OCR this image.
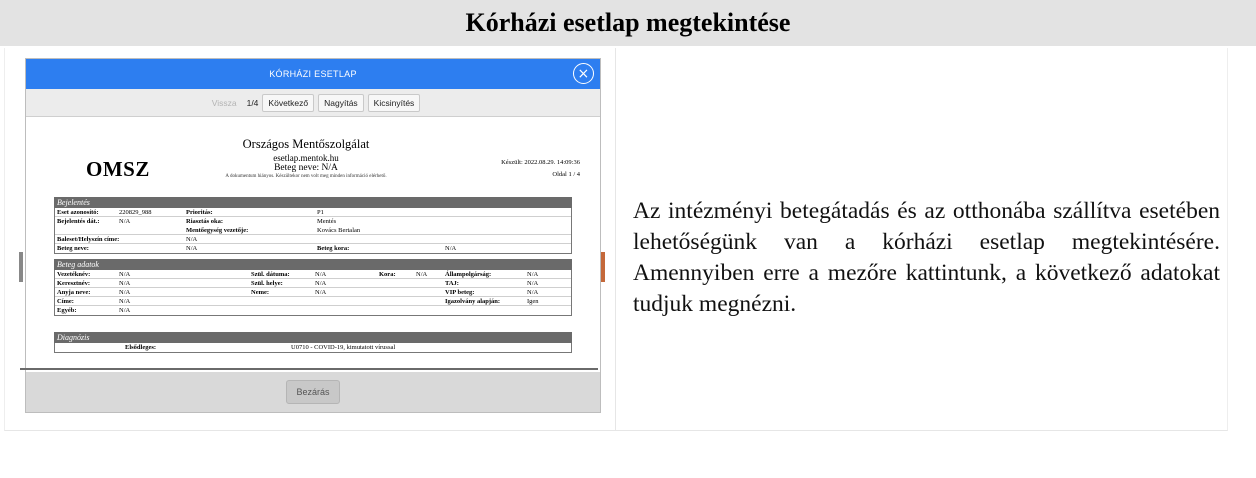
Kórházi esetlap megtekintése
KÓRHÁZI ESETLAP	×
Vissza	1/4	Következő	Nagyítás	Kicsinyítés
OMSZ
Országos Mentőszolgálat
esetlap.mentok.hu
Beteg neve: N/A
A dokumentum hiányos. Készültekor nem volt meg minden információ elérhető.
Készült: 2022.08.29. 14:09:36
Oldal 1 / 4
Bejelentés
Eset azonosító:	220829_988	Prioritás:	P1
Bejelentés dát.:	N/A	Riasztás oka:	Mentés
Mentőegység vezetője:	Kovács Bertalan
Baleset/Helyszín címe:	N/A
Beteg neve:	N/A	Beteg kora:	N/A
Beteg adatok
Vezetéknév:	N/A	Szül. dátuma:	N/A	Kora:	N/A	Állampolgárság:	N/A
Keresztnév:	N/A	Szül. helye:	N/A	TAJ:	N/A
Anyja neve:	N/A	Neme:	N/A	VIP beteg:	N/A
Címe:	N/A	Igazolvány alapján:	Igen
Egyéb:	N/A
Diagnózis
Elsődleges:	U0710 - COVID-19, kimutatott vírussal
Bezárás
Az intézményi betegátadás és az otthonába szállítva esetében lehetőségünk van a kórházi esetlap megtekintésére. Amennyiben erre a mezőre kattintunk, a következő adatokat tudjuk megnézni.
